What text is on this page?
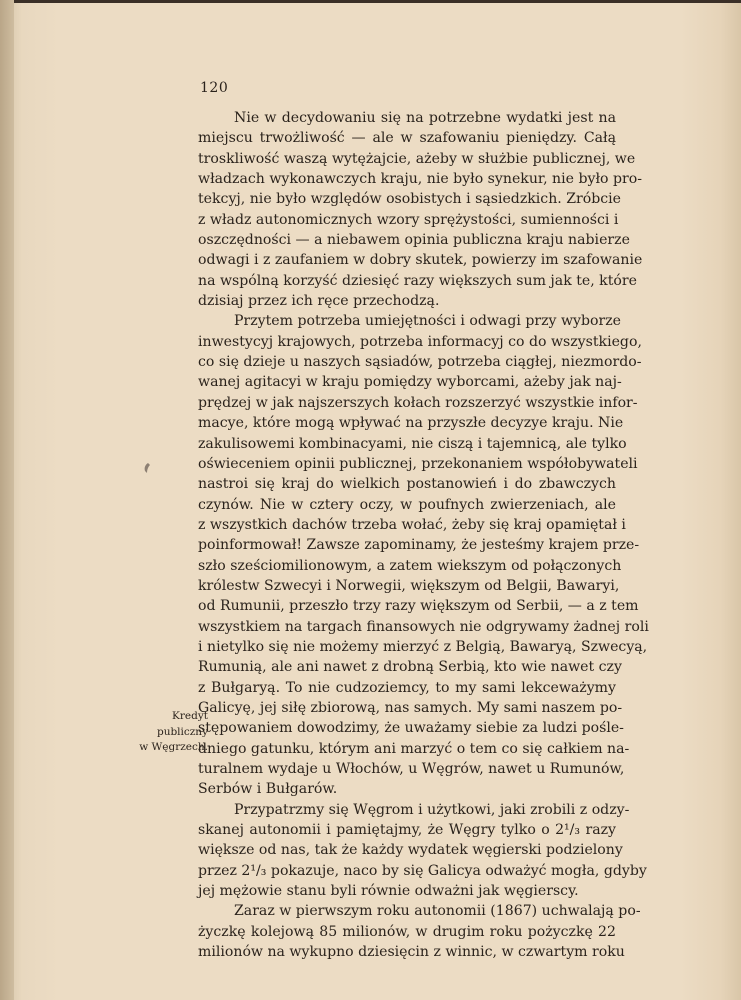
120
Kredyt
publiczny
w Węgrzech.
Nie w decydowaniu się na potrzebne wydatki jest na
miejscu trwożliwość — ale w szafowaniu pieniędzy. Całą
troskliwość waszą wytężajcie, ażeby w służbie publicznej, we
władzach wykonawczych kraju, nie było synekur, nie było pro-
tekcyj, nie było względów osobistych i sąsiedzkich. Zróbcie
z władz autonomicznych wzory sprężystości, sumienności i
oszczędności — a niebawem opinia publiczna kraju nabierze
odwagi i z zaufaniem w dobry skutek, powierzy im szafowanie
na wspólną korzyść dziesięć razy większych sum jak te, które
dzisiaj przez ich ręce przechodzą.
Przytem potrzeba umiejętności i odwagi przy wyborze
inwestycyj krajowych, potrzeba informacyj co do wszystkiego,
co się dzieje u naszych sąsiadów, potrzeba ciągłej, niezmordo-
wanej agitacyi w kraju pomiędzy wyborcami, ażeby jak naj-
prędzej w jak najszerszych kołach rozszerzyć wszystkie infor-
macye, które mogą wpływać na przyszłe decyzye kraju. Nie
zakulisowemi kombinacyami, nie ciszą i tajemnicą, ale tylko
oświeceniem opinii publicznej, przekonaniem współobywateli
nastroi się kraj do wielkich postanowień i do zbawczych
czynów. Nie w cztery oczy, w poufnych zwierzeniach, ale
z wszystkich dachów trzeba wołać, żeby się kraj opamiętał i
poinformował! Zawsze zapominamy, że jesteśmy krajem prze-
szło sześciomilionowym, a zatem wiekszym od połączonych
królestw Szwecyi i Norwegii, większym od Belgii, Bawaryi,
od Rumunii, przeszło trzy razy większym od Serbii, — a z tem
wszystkiem na targach finansowych nie odgrywamy żadnej roli
i nietylko się nie możemy mierzyć z Belgią, Bawaryą, Szwecyą,
Rumunią, ale ani nawet z drobną Serbią, kto wie nawet czy
z Bułgaryą. To nie cudzoziemcy, to my sami lekceważymy
Galicyę, jej siłę zbiorową, nas samych. My sami naszem po-
stępowaniem dowodzimy, że uważamy siebie za ludzi pośle-
dniego gatunku, którym ani marzyć o tem co się całkiem na-
turalnem wydaje u Włochów, u Węgrów, nawet u Rumunów,
Serbów i Bułgarów.
Przypatrzmy się Węgrom i użytkowi, jaki zrobili z odzy-
skanej autonomii i pamiętajmy, że Węgry tylko o 2¹/₃ razy
większe od nas, tak że każdy wydatek węgierski podzielony
przez 2¹/₃ pokazuje, naco by się Galicya odważyć mogła, gdyby
jej mężowie stanu byli równie odważni jak węgierscy.
Zaraz w pierwszym roku autonomii (1867) uchwalają po-
życzkę kolejową 85 milionów, w drugim roku pożyczkę 22
milionów na wykupno dziesięcin z winnic, w czwartym roku
